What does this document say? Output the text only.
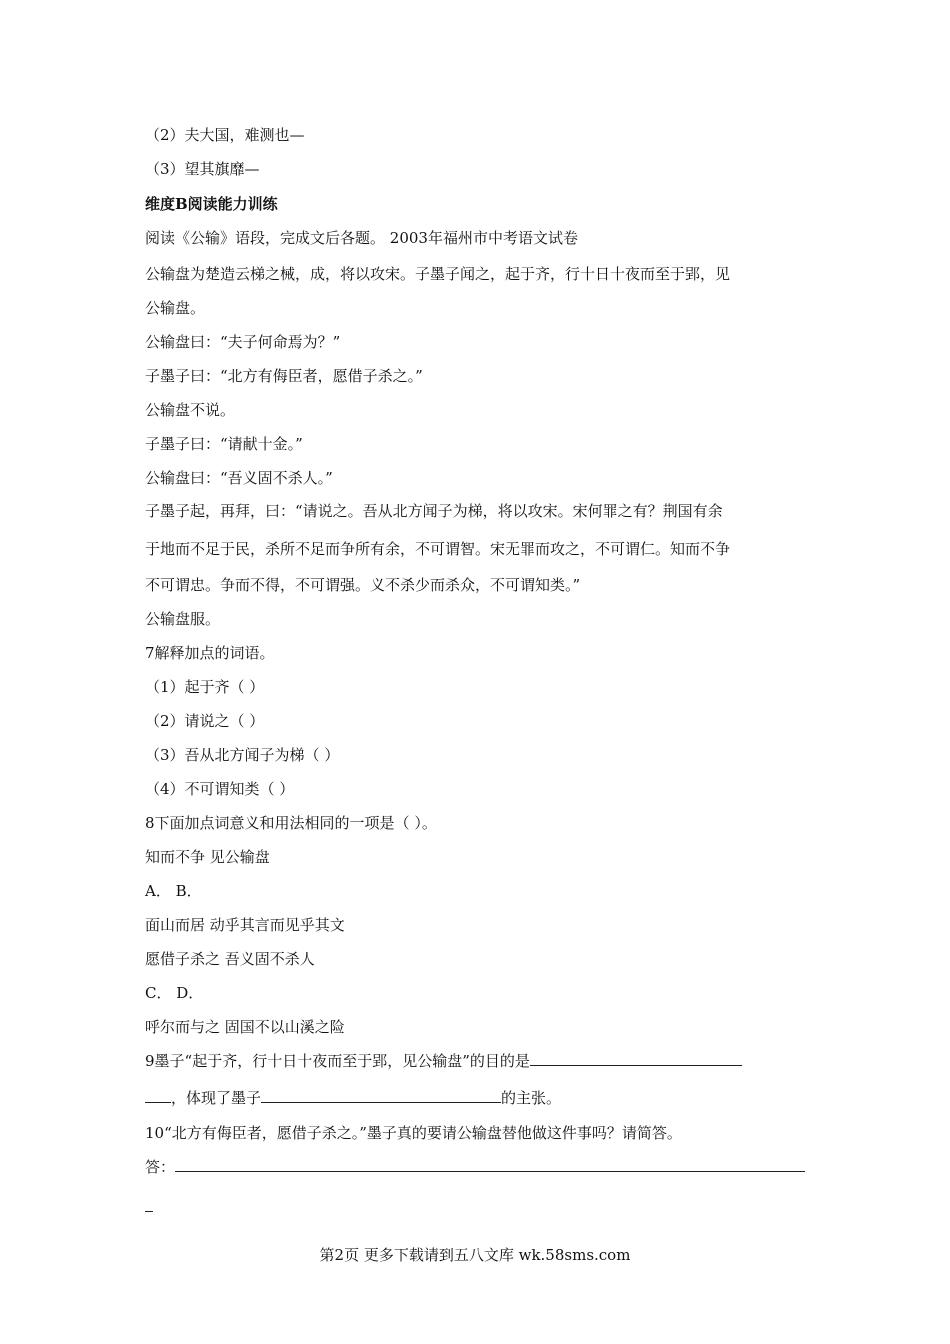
（2）夫大国，难测也—
（3）望其旗靡—
维度B阅读能力训练
阅读《公输》语段，完成文后各题。 2003年福州市中考语文试卷
公输盘为楚造云梯之械，成，将以攻宋。子墨子闻之，起于齐，行十日十夜而至于郢，见
公输盘。
公输盘曰：“夫子何命焉为？”
子墨子曰：“北方有侮臣者，愿借子杀之。”
公输盘不说。
子墨子曰：“请献十金。”
公输盘曰：“吾义固不杀人。”
子墨子起，再拜，曰：“请说之。吾从北方闻子为梯，将以攻宋。宋何罪之有？荆国有余
于地而不足于民，杀所不足而争所有余，不可谓智。宋无罪而攻之，不可谓仁。知而不争
不可谓忠。争而不得，不可谓强。义不杀少而杀众，不可谓知类。”
公输盘服。
7解释加点的词语。
（1）起于齐（ ）
（2）请说之（ ）
（3）吾从北方闻子为梯（ ）
（4）不可谓知类（ ）
8下面加点词意义和用法相同的一项是（ ）。
知而不争 见公输盘
A． B．
面山而居 动乎其言而见乎其文
愿借子杀之 吾义固不杀人
C． D．
呼尔而与之 固国不以山溪之险
9墨子“起于齐，行十日十夜而至于郢，见公输盘”的目的是
，体现了墨子	的主张。
10“北方有侮臣者，愿借子杀之。”墨子真的要请公输盘替他做这件事吗？请简答。
答：
第2页 更多下载请到五八文库 wk.58sms.com
